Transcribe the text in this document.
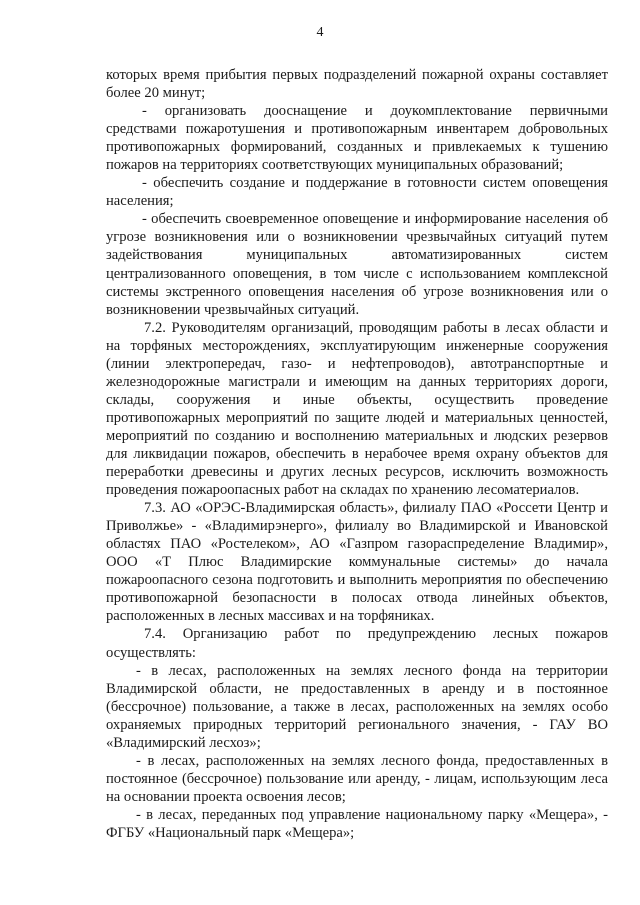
4

которых время прибытия первых подразделений пожарной охраны составляет более 20 минут;

- организовать дооснащение и доукомплектование первичными средствами пожаротушения и противопожарным инвентарем добровольных противопожарных формирований, созданных и привлекаемых к тушению пожаров на территориях соответствующих муниципальных образований;

- обеспечить создание и поддержание в готовности систем оповещения населения;

- обеспечить своевременное оповещение и информирование населения об угрозе возникновения или о возникновении чрезвычайных ситуаций путем задействования муниципальных автоматизированных систем централизованного оповещения, в том числе с использованием комплексной системы экстренного оповещения населения об угрозе возникновения или о возникновении чрезвычайных ситуаций.

7.2. Руководителям организаций, проводящим работы в лесах области и на торфяных месторождениях, эксплуатирующим инженерные сооружения (линии электропередач, газо- и нефтепроводов), автотранспортные и железнодорожные магистрали и имеющим на данных территориях дороги, склады, сооружения и иные объекты, осуществить проведение противопожарных мероприятий по защите людей и материальных ценностей, мероприятий по созданию и восполнению материальных и людских резервов для ликвидации пожаров, обеспечить в нерабочее время охрану объектов для переработки древесины и других лесных ресурсов, исключить возможность проведения пожароопасных работ на складах по хранению лесоматериалов.

7.3. АО «ОРЭС-Владимирская область», филиалу ПАО «Россети Центр и Приволжье» - «Владимирэнерго», филиалу во Владимирской и Ивановской областях ПАО «Ростелеком», АО «Газпром газораспределение Владимир», ООО «Т Плюс Владимирские коммунальные системы» до начала пожароопасного сезона подготовить и выполнить мероприятия по обеспечению противопожарной безопасности в полосах отвода линейных объектов, расположенных в лесных массивах и на торфяниках.

7.4. Организацию работ по предупреждению лесных пожаров осуществлять:

- в лесах, расположенных на землях лесного фонда на территории Владимирской области, не предоставленных в аренду и в постоянное (бессрочное) пользование, а также в лесах, расположенных на землях особо охраняемых природных территорий регионального значения, - ГАУ ВО «Владимирский лесхоз»;

- в лесах, расположенных на землях лесного фонда, предоставленных в постоянное (бессрочное) пользование или аренду, - лицам, использующим леса на основании проекта освоения лесов;

- в лесах, переданных под управление национальному парку «Мещера», - ФГБУ «Национальный парк «Мещера»;
